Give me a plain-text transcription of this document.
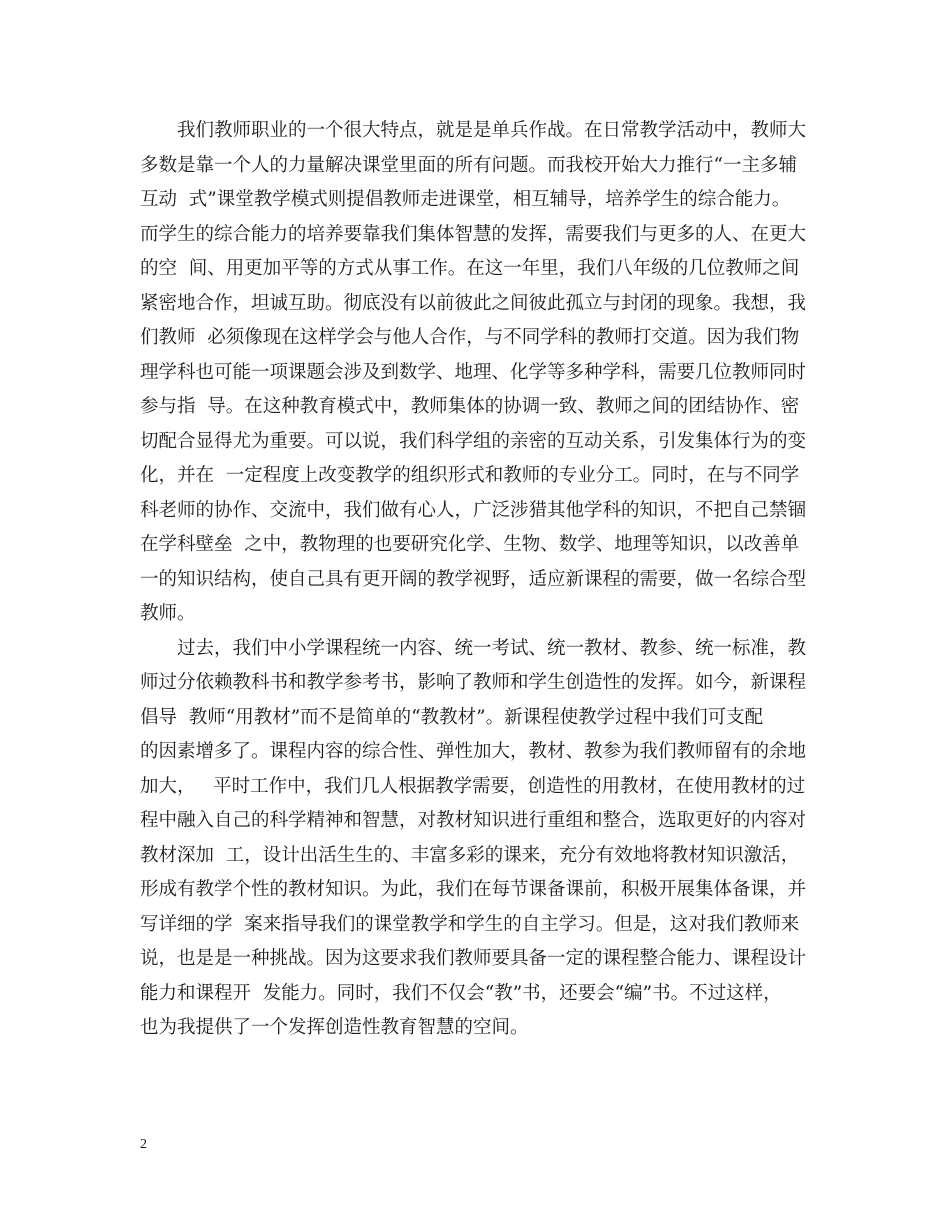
我们教师职业的一个很大特点，就是是单兵作战。在日常教学活动中，教师大
多数是靠一个人的力量解决课堂里面的所有问题。而我校开始大力推行“一主多辅
互动  式”课堂教学模式则提倡教师走进课堂，相互辅导，培养学生的综合能力。
而学生的综合能力的培养要靠我们集体智慧的发挥，需要我们与更多的人、在更大
的空  间、用更加平等的方式从事工作。在这一年里，我们八年级的几位教师之间
紧密地合作，坦诚互助。彻底没有以前彼此之间彼此孤立与封闭的现象。我想，我
们教师  必须像现在这样学会与他人合作，与不同学科的教师打交道。因为我们物
理学科也可能一项课题会涉及到数学、地理、化学等多种学科，需要几位教师同时
参与指  导。在这种教育模式中，教师集体的协调一致、教师之间的团结协作、密
切配合显得尤为重要。可以说，我们科学组的亲密的互动关系，引发集体行为的变
化，并在  一定程度上改变教学的组织形式和教师的专业分工。同时，在与不同学
科老师的协作、交流中，我们做有心人，广泛涉猎其他学科的知识，不把自己禁锢
在学科壁垒  之中，教物理的也要研究化学、生物、数学、地理等知识，以改善单
一的知识结构，使自己具有更开阔的教学视野，适应新课程的需要，做一名综合型
教师。
过去，我们中小学课程统一内容、统一考试、统一教材、教参、统一标准，教
师过分依赖教科书和教学参考书，影响了教师和学生创造性的发挥。如今，新课程
倡导  教师“用教材”而不是简单的“教教材”。新课程使教学过程中我们可支配
的因素增多了。课程内容的综合性、弹性加大，教材、教参为我们教师留有的余地
加大，   平时工作中，我们几人根据教学需要，创造性的用教材，在使用教材的过
程中融入自己的科学精神和智慧，对教材知识进行重组和整合，选取更好的内容对
教材深加  工，设计出活生生的、丰富多彩的课来，充分有效地将教材知识激活，
形成有教学个性的教材知识。为此，我们在每节课备课前，积极开展集体备课，并
写详细的学  案来指导我们的课堂教学和学生的自主学习。但是，这对我们教师来
说，也是是一种挑战。因为这要求我们教师要具备一定的课程整合能力、课程设计
能力和课程开  发能力。同时，我们不仅会“教”书，还要会“编”书。不过这样，
也为我提供了一个发挥创造性教育智慧的空间。
2
